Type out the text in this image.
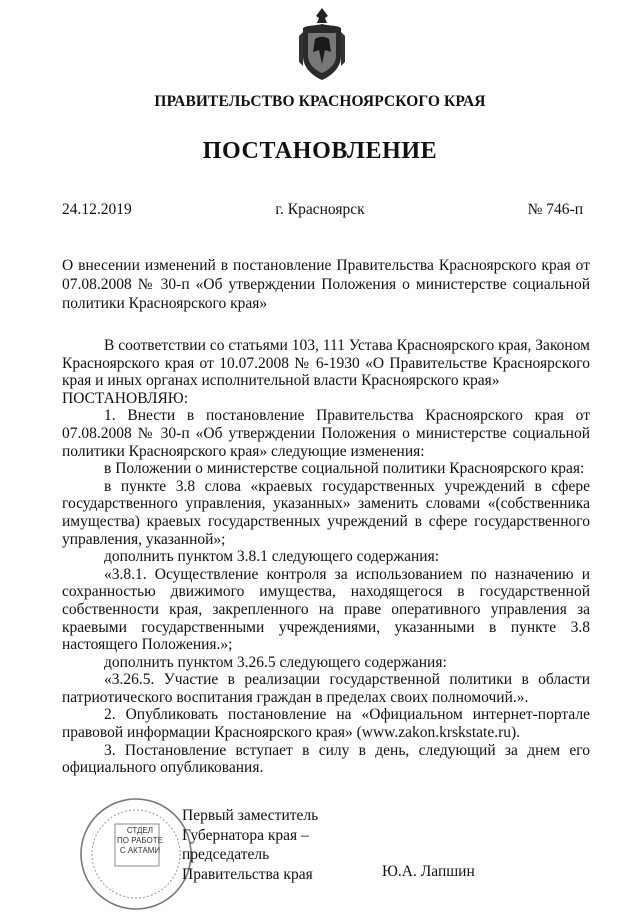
ПРАВИТЕЛЬСТВО КРАСНОЯРСКОГО КРАЯ
ПОСТАНОВЛЕНИЕ
24.12.2019	г. Красноярск	№ 746-п
О внесении изменений в постановление Правительства Красноярского края от 07.08.2008 № 30-п «Об утверждении Положения о министерстве социальной политики Красноярского края»

В соответствии со статьями 103, 111 Устава Красноярского края, Законом Красноярского края от 10.07.2008 № 6-1930 «О Правительстве Красноярского края и иных органах исполнительной власти Красноярского края»

ПОСТАНОВЛЯЮ:

1. Внести в постановление Правительства Красноярского края от 07.08.2008 № 30-п «Об утверждении Положения о министерстве социальной политики Красноярского края» следующие изменения:

в Положении о министерстве социальной политики Красноярского края:

в пункте 3.8 слова «краевых государственных учреждений в сфере государственного управления, указанных» заменить словами «(собственника имущества) краевых государственных учреждений в сфере государственного управления, указанной»;

дополнить пунктом 3.8.1 следующего содержания:

«3.8.1. Осуществление контроля за использованием по назначению и сохранностью движимого имущества, находящегося в государственной собственности края, закрепленного на праве оперативного управления за краевыми государственными учреждениями, указанными в пункте 3.8 настоящего Положения.»;

дополнить пунктом 3.26.5 следующего содержания:

«3.26.5. Участие в реализации государственной политики в области патриотического воспитания граждан в пределах своих полномочий.».

2. Опубликовать постановление на «Официальном интернет-портале правовой информации Красноярского края» (www.zakon.krskstate.ru).

3. Постановление вступает в силу в день, следующий за днем его официального опубликования.

СТДЕЛ
ПО РАБОТЕ
С АКТАМИ
Первый заместитель
Губернатора края –
председатель
Правительства края	Ю.А. Лапшин
